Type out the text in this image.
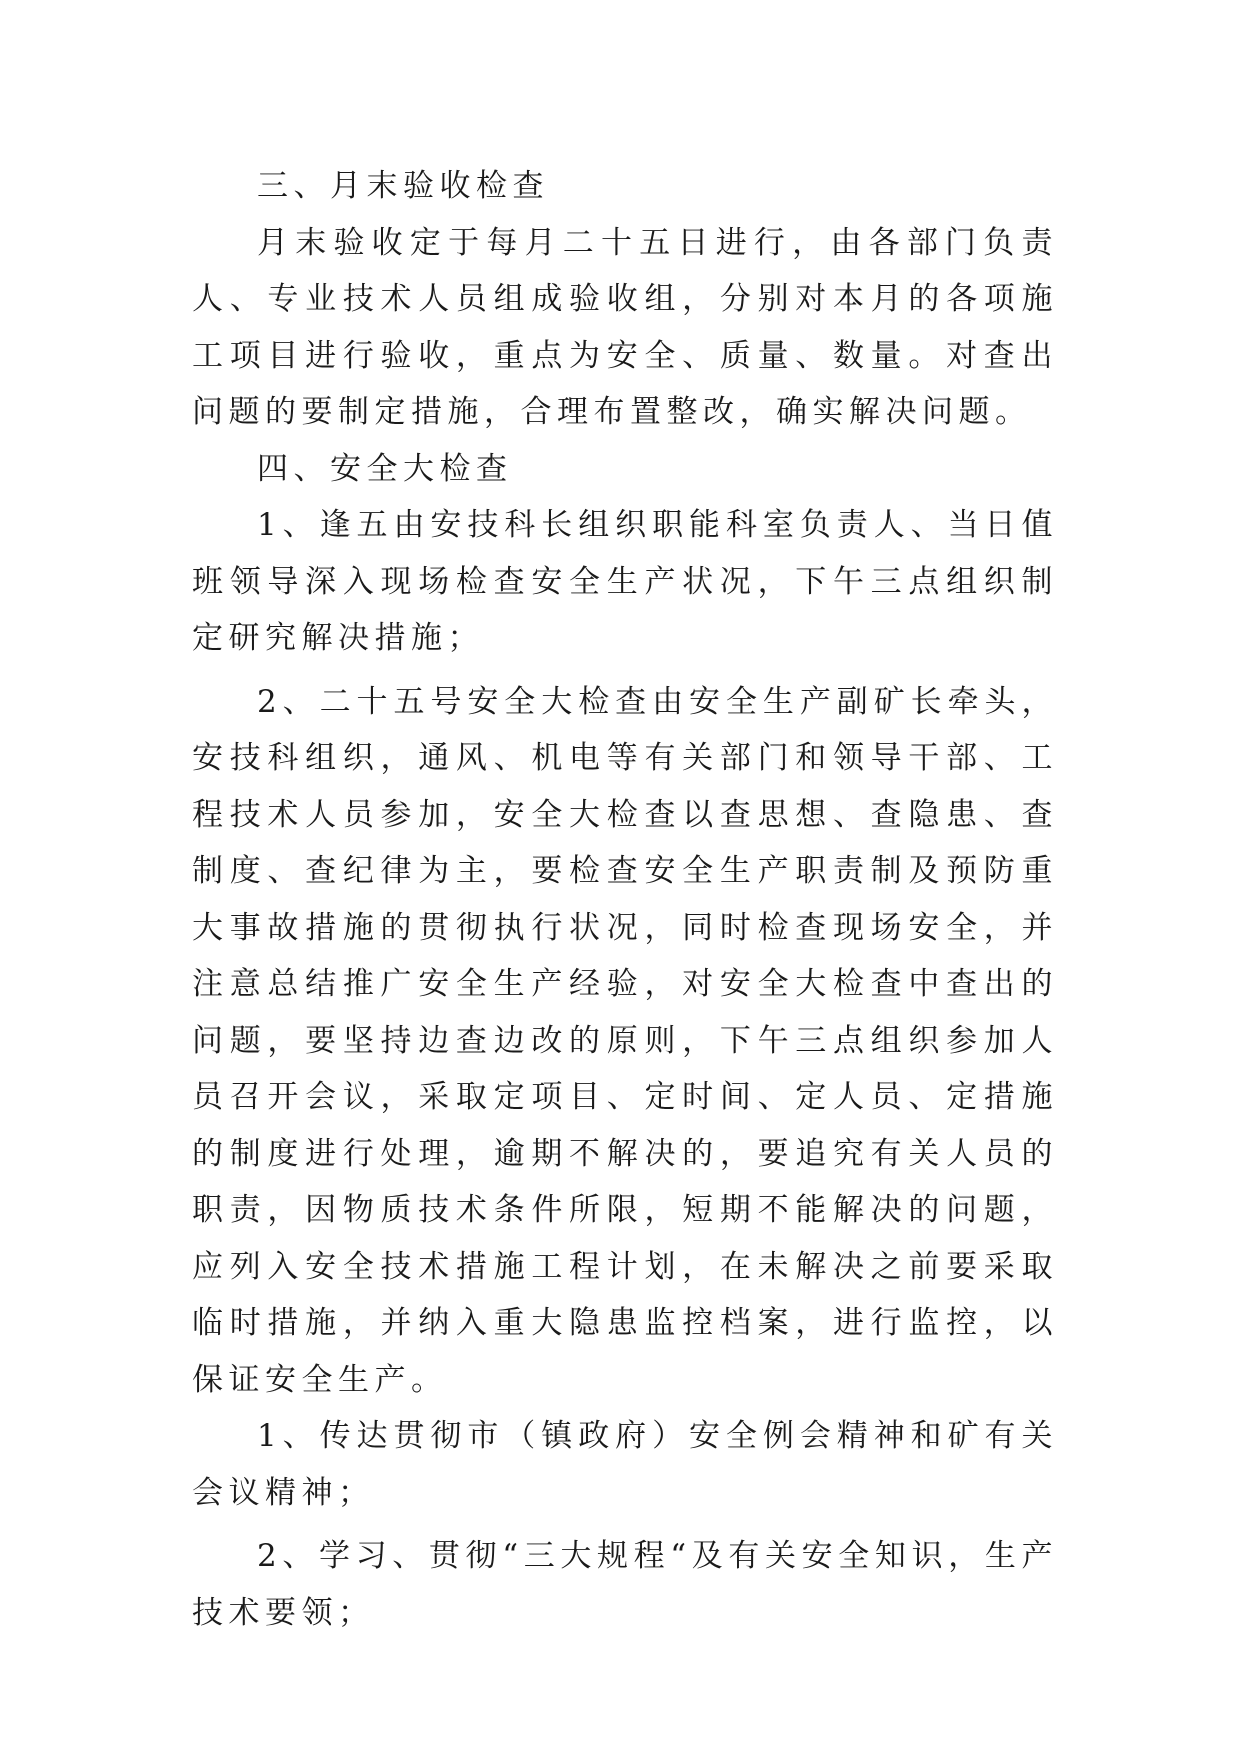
三、月末验收检查

月末验收定于每月二十五日进行，由各部门负责人、专业技术人员组成验收组，分别对本月的各项施工项目进行验收，重点为安全、质量、数量。对查出问题的要制定措施，合理布置整改，确实解决问题。

四、安全大检查

1、逢五由安技科长组织职能科室负责人、当日值班领导深入现场检查安全生产状况，下午三点组织制定研究解决措施；

2、二十五号安全大检查由安全生产副矿长牵头，安技科组织，通风、机电等有关部门和领导干部、工程技术人员参加，安全大检查以查思想、查隐患、查制度、查纪律为主，要检查安全生产职责制及预防重大事故措施的贯彻执行状况，同时检查现场安全，并注意总结推广安全生产经验，对安全大检查中查出的问题，要坚持边查边改的原则，下午三点组织参加人员召开会议，采取定项目、定时间、定人员、定措施的制度进行处理，逾期不解决的，要追究有关人员的职责，因物质技术条件所限，短期不能解决的问题，应列入安全技术措施工程计划，在未解决之前要采取临时措施，并纳入重大隐患监控档案，进行监控，以保证安全生产。

1、传达贯彻市（镇政府）安全例会精神和矿有关会议精神；

2、学习、贯彻“三大规程“及有关安全知识，生产技术要领；
